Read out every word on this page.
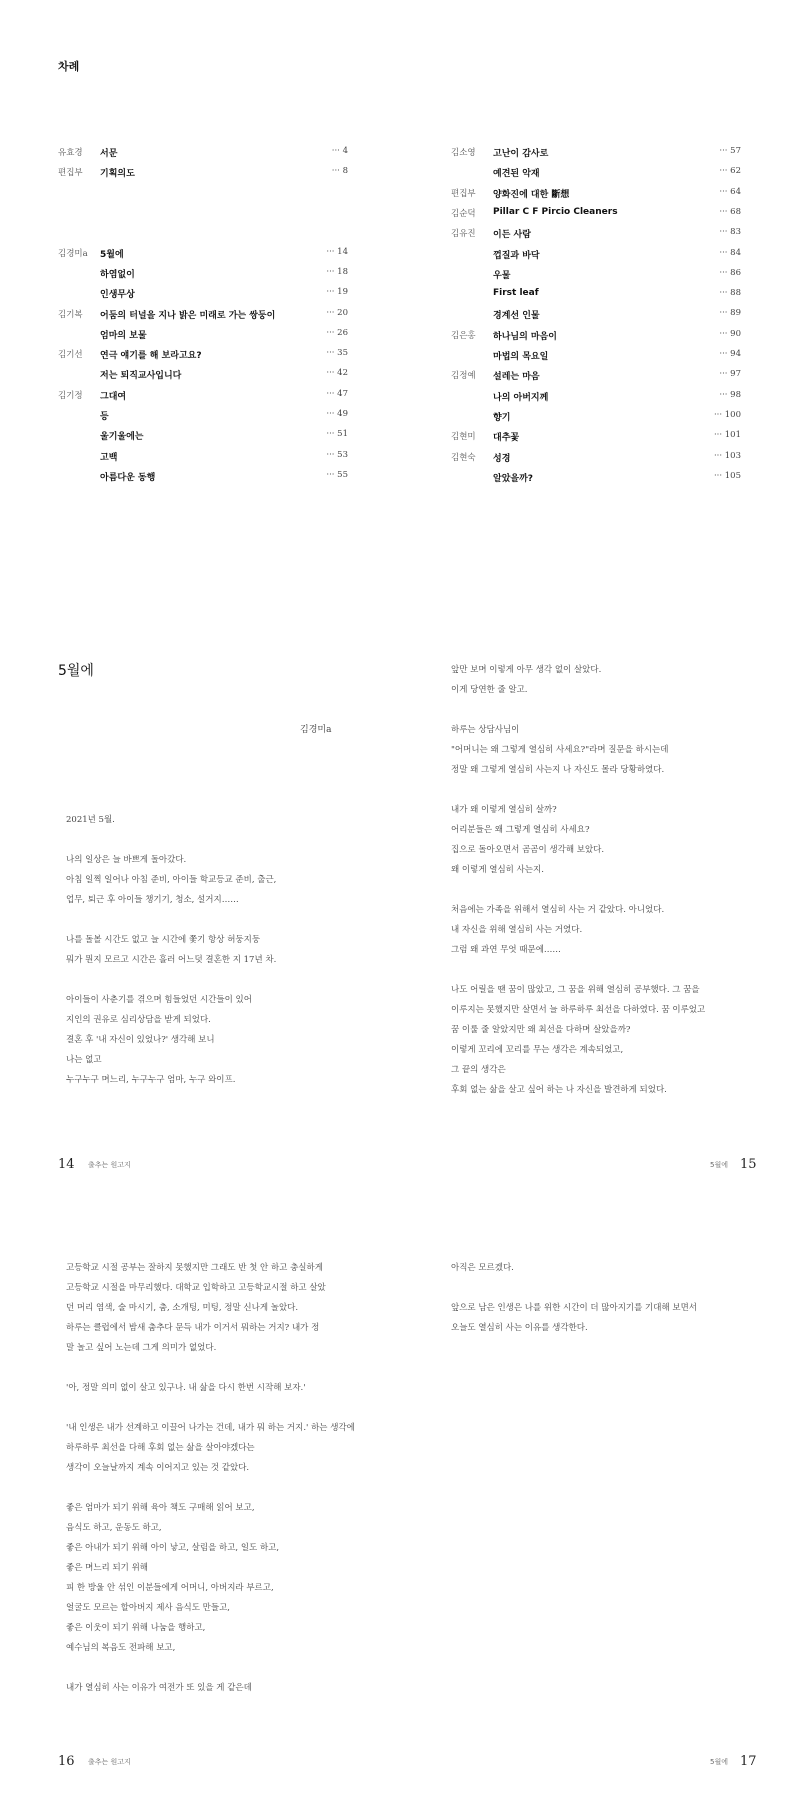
차례
유효경 서문	··· 4
편집부 기획의도	··· 8
김경미a 5월에	··· 14
하염없이	··· 18
인생무상	··· 19
김기복 어둠의 터널을 지나 밝은 미래로 가는 쌍둥이	··· 20
엄마의 보물	··· 26
김기선 연극 얘기를 해 보라고요?	··· 35
저는 퇴직교사입니다	··· 42
김기정 그대여	··· 47
등	··· 49
울기울에는	··· 51
고백	··· 53
아름다운 동행	··· 55
김소영 고난이 감사로	··· 57
예견된 악재	··· 62
편집부 양화진에 대한 斷想	··· 64
김순덕 Pillar C F Pircio Cleaners	··· 68
김유진 이든 사람	··· 83
껍질과 바닥	··· 84
우물	··· 86
First leaf	··· 88
경계선 인물	··· 89
김은홍 하나님의 마음이	··· 90
마법의 목요일	··· 94
김정예 설레는 마음	··· 97
나의 아버지께	··· 98
향기	··· 100
김현미 대추꽃	··· 101
김현숙 성경	··· 103
알았을까?	··· 105
5월에
김경미a
2021년 5월.
나의 일상은 늘 바쁘게 돌아갔다.
아침 일찍 일어나 아침 준비, 아이들 학교등교 준비, 출근,
업무, 퇴근 후 아이들 챙기기, 청소, 설거지……
나를 돌볼 시간도 없고 늘 시간에 쫓기 항상 허둥지둥
뭐가 뭔지 모르고 시간은 흘러 어느덧 결혼한 지 17년 차.
아이들이 사춘기를 겪으며 힘들었던 시간들이 있어
지인의 권유로 심리상담을 받게 되었다.
결혼 후 '내 자신이 있었나?' 생각해 보니
나는 없고
누구누구 며느리, 누구누구 엄마, 누구 와이프.
앞만 보며 이렇게 아무 생각 없이 살았다.
이게 당연한 줄 알고.
하루는 상담사님이
"어머니는 왜 그렇게 열심히 사세요?"라며 질문을 하시는데
정말 왜 그렇게 열심히 사는지 나 자신도 몰라 당황하였다.
내가 왜 이렇게 열심히 살까?
어리분들은 왜 그렇게 열심히 사세요?
집으로 돌아오면서 곰곰이 생각해 보았다.
왜 이렇게 열심히 사는지.
처음에는 가족을 위해서 열심히 사는 거 같았다. 아니었다.
내 자신을 위해 열심히 사는 거였다.
그럼 왜 과연 무엇 때문에……
나도 어릴을 땐 꿈이 많았고, 그 꿈을 위해 열심히 공부했다. 그 꿈을
이루지는 못했지만 살면서 늘 하루하루 최선을 다하였다. 꿈 이루었고
꿈 이룰 줄 알았지만 왜 최선을 다하며 살았을까?
이렇게 꼬리에 꼬리를 무는 생각은 계속되었고,
그 끝의 생각은
후회 없는 삶을 살고 싶어 하는 나 자신을 발견하게 되었다.
14 출추는 원고지	5월에 15
고등학교 시절 공부는 잘하지 못했지만 그래도 반 첫 안 하고 충실하게
고등학교 시절을 마무리했다. 대학교 입학하고 고등학교시절 하고 살았
던 머리 염색, 술 마시기, 춤, 소개팅, 미팅, 정말 신나게 놀았다.
하루는 클럽에서 밤새 춤추다 문득 내가 이거서 뭐하는 거지? 내가 정
말 놀고 싶어 노는데 그게 의미가 없었다.
'아, 정말 의미 없이 살고 있구나. 내 삶을 다시 한번 시작해 보자.'
'내 인생은 내가 선계하고 이끌어 나가는 건데, 내가 뭐 하는 거지.' 하는 생각에
하루하루 최선을 다해 후회 없는 삶을 살아야겠다는
생각이 오늘날까지 계속 이어지고 있는 것 같았다.
좋은 엄마가 되기 위해 육아 책도 구매해 읽어 보고,
음식도 하고, 운동도 하고,
좋은 아내가 되기 위해 아이 낳고, 살림을 하고, 일도 하고,
좋은 며느리 되기 위해
피 한 방울 안 섞인 이분들에게 어머니, 아버지라 부르고,
얼굴도 모르는 할아버지 제사 음식도 만들고,
좋은 이웃이 되기 위해 나눔을 행하고,
예수님의 복음도 전파해 보고,
내가 열심히 사는 이유가 여전가 또 있을 게 같은데
아직은 모르겠다.
앞으로 남은 인생은 나를 위한 시간이 더 많아지기를 기대해 보면서
오늘도 열심히 사는 이유를 생각한다.
16 출추는 원고지	5월에 17
